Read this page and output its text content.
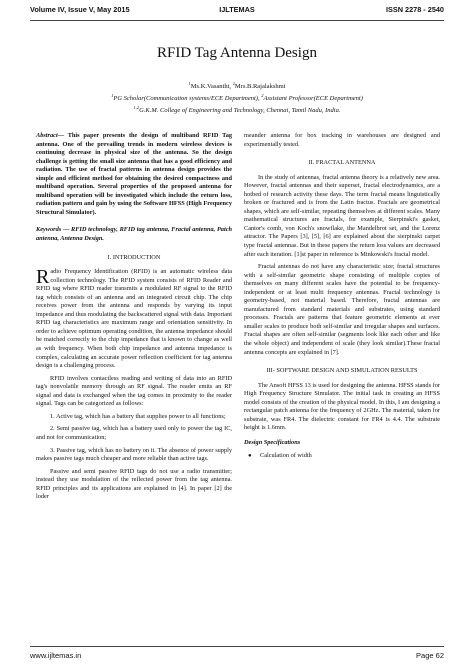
Volume IV, Issue V, May 2015	IJLTEMAS	ISSN 2278 - 2540
RFID Tag Antenna Design
$^1$Ms.K.Vasanthi, $^2$Mrs.B.Rajalakshmi
$^1$PG Scholar(Communication systems/ECE Department), $^2$Assistant Professor(ECE Department)
$^{1,2}$G.K.M. College of Engineering and Technology, Chennai, Tamil Nadu, India.

Abstract— This paper presents the design of multiband RFID Tag antenna. One of the prevailing trends in modern wireless devices is continuing decrease in physical size of the antenna. So the design challenge is getting the small size antenna that has a good efficiency and radiation. The use of fractal patterns in antenna design provides the simple and efficient method for obtaining the desired compactness and multiband operation. Several properties of the proposed antenna for multiband operation will be investigated which include the return loss, radiation pattern and gain by using the Software HFSS (High Frequency Structural Simulator).

Keywords — RFID technology, RFID tag antenna, Fractal antenna, Patch antenna, Antenna Design.

I. INTRODUCTION

Radio Frequency Identification (RFID) is an automatic wireless data collection technology. The RFID system consists of RFID Reader and RFID tag where RFID reader transmits a modulated RF signal to the RFID tag which consists of an antenna and an integrated circuit chip. The chip receives power from the antenna and responds by varying its input impedance and thus modulating the backscattered signal with data. Important RFID tag characteristics are maximum range and orientation sensitivity. In order to achieve optimum operating condition, the antenna impedance should be matched correctly to the chip impedance that is known to change as well as with frequency. When both chip impedance and antenna impedance is complex, calculating an accurate power reflection coefficient for tag antenna design is a challenging process.

RFID involves contactless reading and writing of data into an RFID tag's nonvolatile memory through an RF signal. The reader emits an RF signal and data is exchanged when the tag comes in proximity to the reader signal. Tags can be categorized as follows:

1. Active tag, which has a battery that supplies power to all functions;

2. Semi passive tag, which has a battery used only to power the tag IC, and not for communication;

3. Passive tag, which has no battery on it. The absence of power supply makes passive tags much cheaper and more reliable than active tags.

Passive and semi passive RFID tags do not use a radio transmitter; instead they use modulation of the reflected power from the tag antenna. RFID principles and its applications are explained in [4]. In paper [2] the loder

meander antenna for box tracking in warehouses are designed and experimentally tested.

II. FRACTAL ANTENNA

In the study of antennas, fractal antenna theory is a relatively new area. However, fractal antennas and their superset, fractal electrodynamics, are a hotbed of research activity these days. The term fractal means linguistically broken or fractured and is from the Latin fractus. Fractals are geometrical shapes, which are self-similar, repeating themselves at different scales. Many mathematical structures are fractals, for example, Sierpinski's gasket, Cantor's comb, von Koch's snowflake, the Mandelbrot set, and the Lorenz attractor. The Papers [3], [5], [6] are explained about the sierpinski carpet type fractal antennas. But in these papers the return loss values are decreased after each iteration. [1]st paper in reference is Minkowski's fractal model.

Fractal antennas do not have any characteristic size; fractal structures with a self-similar geometric shape consisting of multiple copies of themselves on many different scales have the potential to be frequency-independent or at least multi frequency antennas. Fractal technology is geometry-based, not material based. Therefore, fractal antennas are manufactured from standard materials and substrates, using standard processes. Fractals are patterns that feature geometric elements at ever smaller scales to produce both self-similar and irregular shapes and surfaces. Fractal shapes are often self-similar (segments look like each other and like the whole object) and independent of scale (they look similar).These fractal antenna concepts are explained in [7].

III- SOFTWARE DESIGN AND SIMULATION RESULTS

The Ansoft HFSS 13 is used for designing the antenna. HFSS stands for High Frequency Structure Simulator. The initial task in creating an HFSS model consists of the creation of the physical model. In this, I am designing a rectangular patch antenna for the frequency of 2GHz. The material, taken for substrate, was FR4. The dielectric constant for FR4 is 4.4. The substrate height is 1.6mm.

Design Specifications

● Calculation of width

www.ijltemas.in	Page 62
